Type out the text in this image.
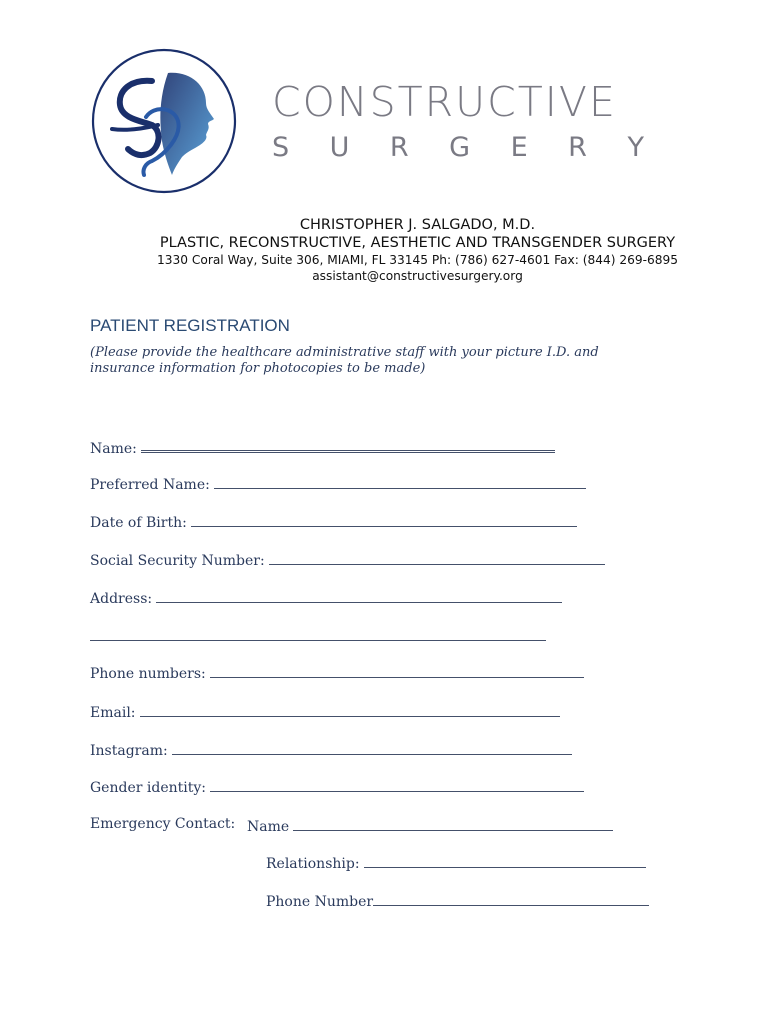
CONSTRUCTIVE
S U R G E R Y
CHRISTOPHER J. SALGADO, M.D.
PLASTIC, RECONSTRUCTIVE, AESTHETIC AND TRANSGENDER SURGERY
1330 Coral Way, Suite 306, MIAMI, FL 33145 Ph: (786) 627-4601 Fax: (844) 269-6895
assistant@constructivesurgery.org
PATIENT REGISTRATION
(Please provide the healthcare administrative staff with your picture I.D. and insurance information for photocopies to be made)
Name:
Preferred Name:
Date of Birth:
Social Security Number:
Address:
Phone numbers:
Email:
Instagram:
Gender identity:
Emergency Contact: Name
Relationship:
Phone Number
